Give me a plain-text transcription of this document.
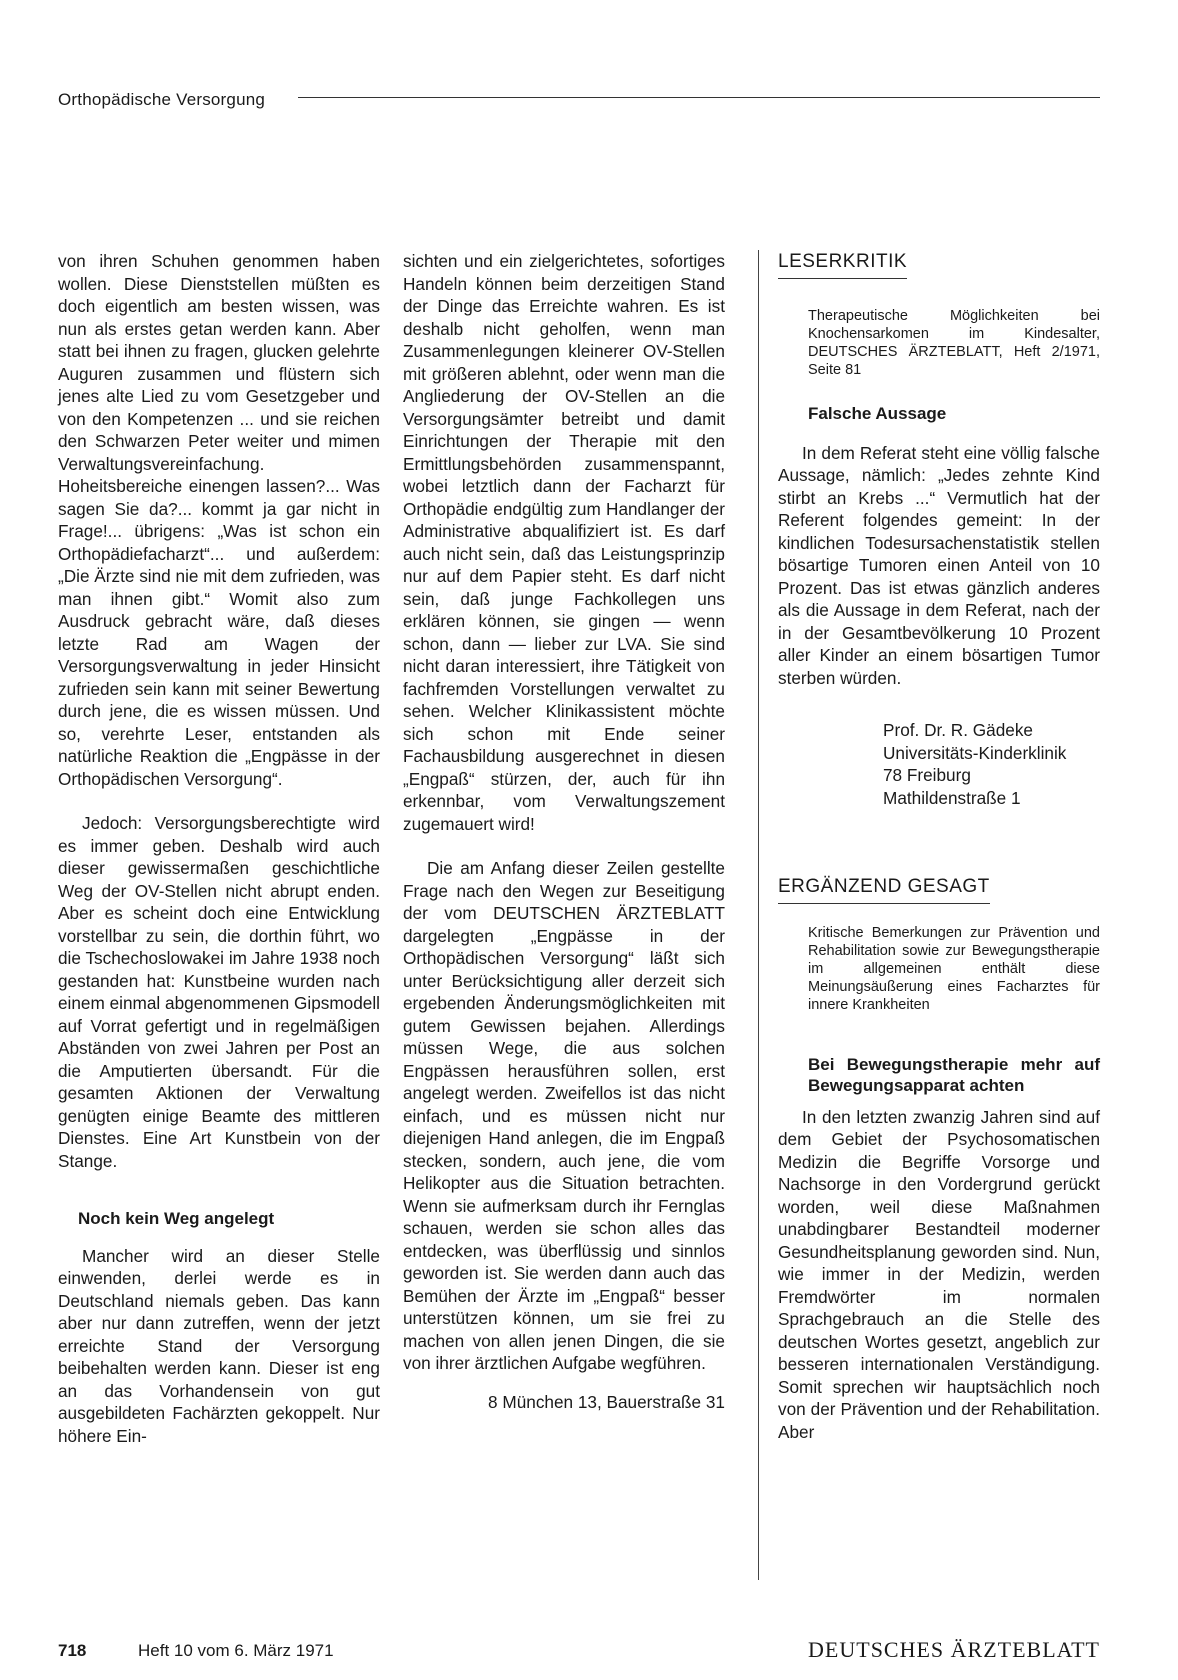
Orthopädische Versorgung

von ihren Schuhen genommen haben wollen. Diese Dienststellen müßten es doch eigentlich am besten wissen, was nun als erstes getan werden kann. Aber statt bei ihnen zu fragen, glucken gelehrte Auguren zusammen und flüstern sich jenes alte Lied zu vom Gesetzgeber und von den Kompetenzen ... und sie reichen den Schwarzen Peter weiter und mimen Verwaltungsvereinfachung. Hoheitsbereiche einengen lassen?... Was sagen Sie da?... kommt ja gar nicht in Frage!... übrigens: „Was ist schon ein Orthopädiefacharzt“... und außerdem: „Die Ärzte sind nie mit dem zufrieden, was man ihnen gibt.“ Womit also zum Ausdruck gebracht wäre, daß dieses letzte Rad am Wagen der Versorgungsverwaltung in jeder Hinsicht zufrieden sein kann mit seiner Bewertung durch jene, die es wissen müssen. Und so, verehrte Leser, entstanden als natürliche Reaktion die „Engpässe in der Orthopädischen Versorgung“.

Jedoch: Versorgungsberechtigte wird es immer geben. Deshalb wird auch dieser gewissermaßen geschichtliche Weg der OV-Stellen nicht abrupt enden. Aber es scheint doch eine Entwicklung vorstellbar zu sein, die dorthin führt, wo die Tschechoslowakei im Jahre 1938 noch gestanden hat: Kunstbeine wurden nach einem einmal abgenommenen Gipsmodell auf Vorrat gefertigt und in regelmäßigen Abständen von zwei Jahren per Post an die Amputierten übersandt. Für die gesamten Aktionen der Verwaltung genügten einige Beamte des mittleren Dienstes. Eine Art Kunstbein von der Stange.

Noch kein Weg angelegt

Mancher wird an dieser Stelle einwenden, derlei werde es in Deutschland niemals geben. Das kann aber nur dann zutreffen, wenn der jetzt erreichte Stand der Versorgung beibehalten werden kann. Dieser ist eng an das Vorhandensein von gut ausgebildeten Fachärzten gekoppelt. Nur höhere Ein-

sichten und ein zielgerichtetes, sofortiges Handeln können beim derzeitigen Stand der Dinge das Erreichte wahren. Es ist deshalb nicht geholfen, wenn man Zusammenlegungen kleinerer OV-Stellen mit größeren ablehnt, oder wenn man die Angliederung der OV-Stellen an die Versorgungsämter betreibt und damit Einrichtungen der Therapie mit den Ermittlungsbehörden zusammenspannt, wobei letztlich dann der Facharzt für Orthopädie endgültig zum Handlanger der Administrative abqualifiziert ist. Es darf auch nicht sein, daß das Leistungsprinzip nur auf dem Papier steht. Es darf nicht sein, daß junge Fachkollegen uns erklären können, sie gingen — wenn schon, dann — lieber zur LVA. Sie sind nicht daran interessiert, ihre Tätigkeit von fachfremden Vorstellungen verwaltet zu sehen. Welcher Klinikassistent möchte sich schon mit Ende seiner Fachausbildung ausgerechnet in diesen „Engpaß“ stürzen, der, auch für ihn erkennbar, vom Verwaltungszement zugemauert wird!

Die am Anfang dieser Zeilen gestellte Frage nach den Wegen zur Beseitigung der vom DEUTSCHEN ÄRZTEBLATT dargelegten „Engpässe in der Orthopädischen Versorgung“ läßt sich unter Berücksichtigung aller derzeit sich ergebenden Änderungsmöglichkeiten mit gutem Gewissen bejahen. Allerdings müssen Wege, die aus solchen Engpässen herausführen sollen, erst angelegt werden. Zweifellos ist das nicht einfach, und es müssen nicht nur diejenigen Hand anlegen, die im Engpaß stecken, sondern, auch jene, die vom Helikopter aus die Situation betrachten. Wenn sie aufmerksam durch ihr Fernglas schauen, werden sie schon alles das entdecken, was überflüssig und sinnlos geworden ist. Sie werden dann auch das Bemühen der Ärzte im „Engpaß“ besser unterstützen können, um sie frei zu machen von allen jenen Dingen, die sie von ihrer ärztlichen Aufgabe wegführen.

8 München 13, Bauerstraße 31

LESERKRITIK
Therapeutische Möglichkeiten bei Knochensarkomen im Kindesalter, DEUTSCHES ÄRZTEBLATT, Heft 2/1971, Seite 81
Falsche Aussage

In dem Referat steht eine völlig falsche Aussage, nämlich: „Jedes zehnte Kind stirbt an Krebs ...“ Vermutlich hat der Referent folgendes gemeint: In der kindlichen Todesursachenstatistik stellen bösartige Tumoren einen Anteil von 10 Prozent. Das ist etwas gänzlich anderes als die Aussage in dem Referat, nach der in der Gesamtbevölkerung 10 Prozent aller Kinder an einem bösartigen Tumor sterben würden.

Prof. Dr. R. Gädeke
Universitäts-Kinderklinik
78 Freiburg
Mathildenstraße 1
ERGÄNZEND GESAGT
Kritische Bemerkungen zur Prävention und Rehabilitation sowie zur Bewegungstherapie im allgemeinen enthält diese Meinungsäußerung eines Facharztes für innere Krankheiten
Bei Bewegungstherapie mehr auf Bewegungsapparat achten

In den letzten zwanzig Jahren sind auf dem Gebiet der Psychosomatischen Medizin die Begriffe Vorsorge und Nachsorge in den Vordergrund gerückt worden, weil diese Maßnahmen unabdingbarer Bestandteil moderner Gesundheitsplanung geworden sind. Nun, wie immer in der Medizin, werden Fremdwörter im normalen Sprachgebrauch an die Stelle des deutschen Wortes gesetzt, angeblich zur besseren internationalen Verständigung. Somit sprechen wir hauptsächlich noch von der Prävention und der Rehabilitation. Aber

718	Heft 10 vom 6. März 1971	DEUTSCHES ÄRZTEBLATT
